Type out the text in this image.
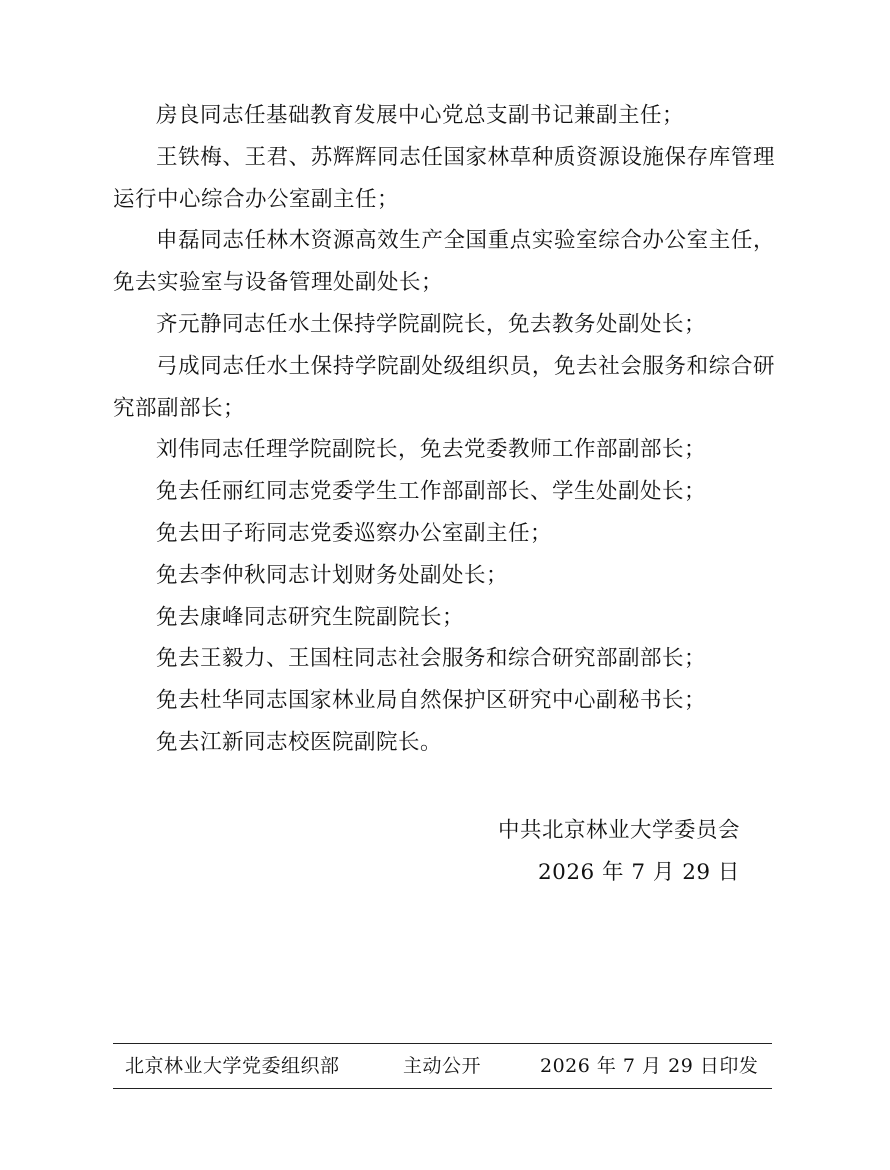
房良同志任基础教育发展中心党总支副书记兼副主任；

王铁梅、王君、苏辉辉同志任国家林草种质资源设施保存库管理运行中心综合办公室副主任；

申磊同志任林木资源高效生产全国重点实验室综合办公室主任，免去实验室与设备管理处副处长；

齐元静同志任水土保持学院副院长，免去教务处副处长；

弓成同志任水土保持学院副处级组织员，免去社会服务和综合研究部副部长；

刘伟同志任理学院副院长，免去党委教师工作部副部长；

免去任丽红同志党委学生工作部副部长、学生处副处长；

免去田子珩同志党委巡察办公室副主任；

免去李仲秋同志计划财务处副处长；

免去康峰同志研究生院副院长；

免去王毅力、王国柱同志社会服务和综合研究部副部长；

免去杜华同志国家林业局自然保护区研究中心副秘书长；

免去江新同志校医院副院长。

中共北京林业大学委员会
2026 年 7 月 29 日
北京林业大学党委组织部	主动公开	2026 年 7 月 29 日印发
